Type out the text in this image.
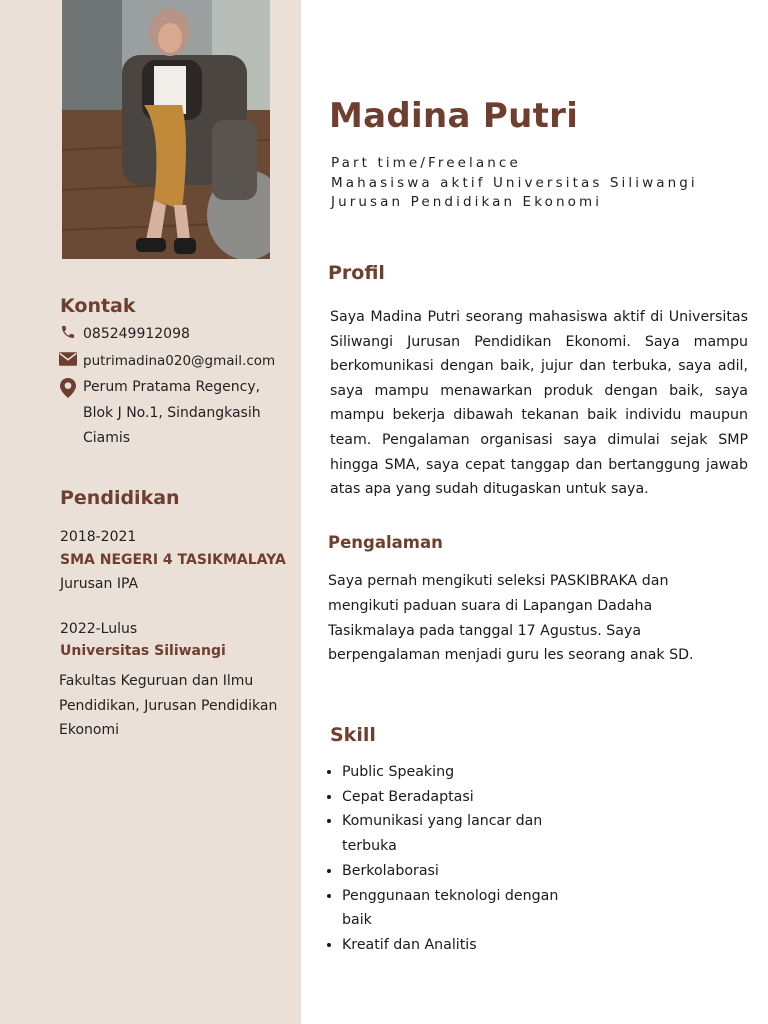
Kontak
085249912098
putrimadina020@gmail.com
Perum Pratama Regency,
Blok J No.1, Sindangkasih
Ciamis
Pendidikan
2018-2021
SMA NEGERI 4 TASIKMALAYA
Jurusan IPA
2022-Lulus
Universitas Siliwangi
Fakultas Keguruan dan Ilmu Pendidikan, Jurusan Pendidikan Ekonomi
Madina Putri
Part time/Freelance
Mahasiswa aktif Universitas Siliwangi
Jurusan Pendidikan Ekonomi
Profil

Saya Madina Putri seorang mahasiswa aktif di Universitas Siliwangi Jurusan Pendidikan Ekonomi. Saya mampu berkomunikasi dengan baik, jujur dan terbuka, saya adil, saya mampu menawarkan produk dengan baik, saya mampu bekerja dibawah tekanan baik individu maupun team. Pengalaman organisasi saya dimulai sejak SMP hingga SMA, saya cepat tanggap dan bertanggung jawab atas apa yang sudah ditugaskan untuk saya.

Pengalaman

Saya pernah mengikuti seleksi PASKIBRAKA dan mengikuti paduan suara di Lapangan Dadaha Tasikmalaya pada tanggal 17 Agustus. Saya berpengalaman menjadi guru les seorang anak SD.

Skill
• Public Speaking
• Cepat Beradaptasi
• Komunikasi yang lancar dan terbuka
• Berkolaborasi
• Penggunaan teknologi dengan baik
• Kreatif dan Analitis
